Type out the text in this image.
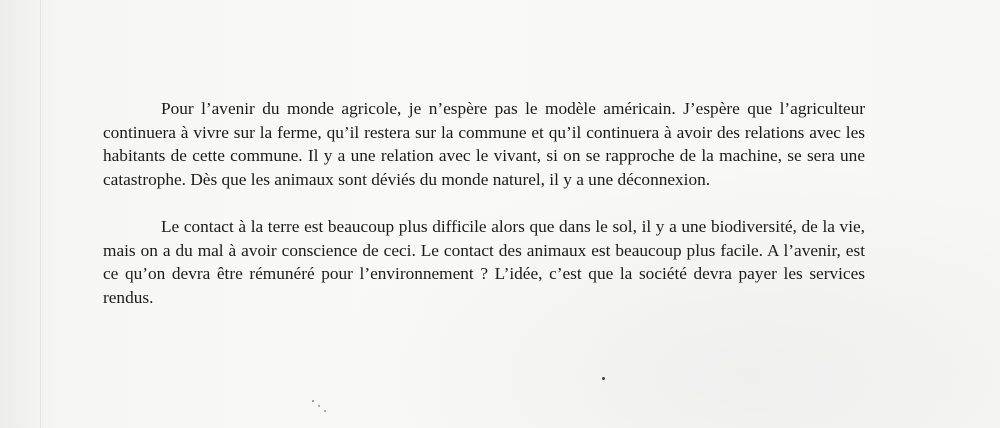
Pour l’avenir du monde agricole, je n’espère pas le modèle américain. J’espère que l’agriculteur continuera à vivre sur la ferme, qu’il restera sur la commune et qu’il continuera à avoir des relations avec les habitants de cette commune. Il y a une relation avec le vivant, si on se rapproche de la machine, se sera une catastrophe. Dès que les animaux sont déviés du monde naturel, il y a une déconnexion.

Le contact à la terre est beaucoup plus difficile alors que dans le sol, il y a une biodiversité, de la vie, mais on a du mal à avoir conscience de ceci. Le contact des animaux est beaucoup plus facile. A l’avenir, est ce qu’on devra être rémunéré pour l’environnement ? L’idée, c’est que la société devra payer les services rendus.
